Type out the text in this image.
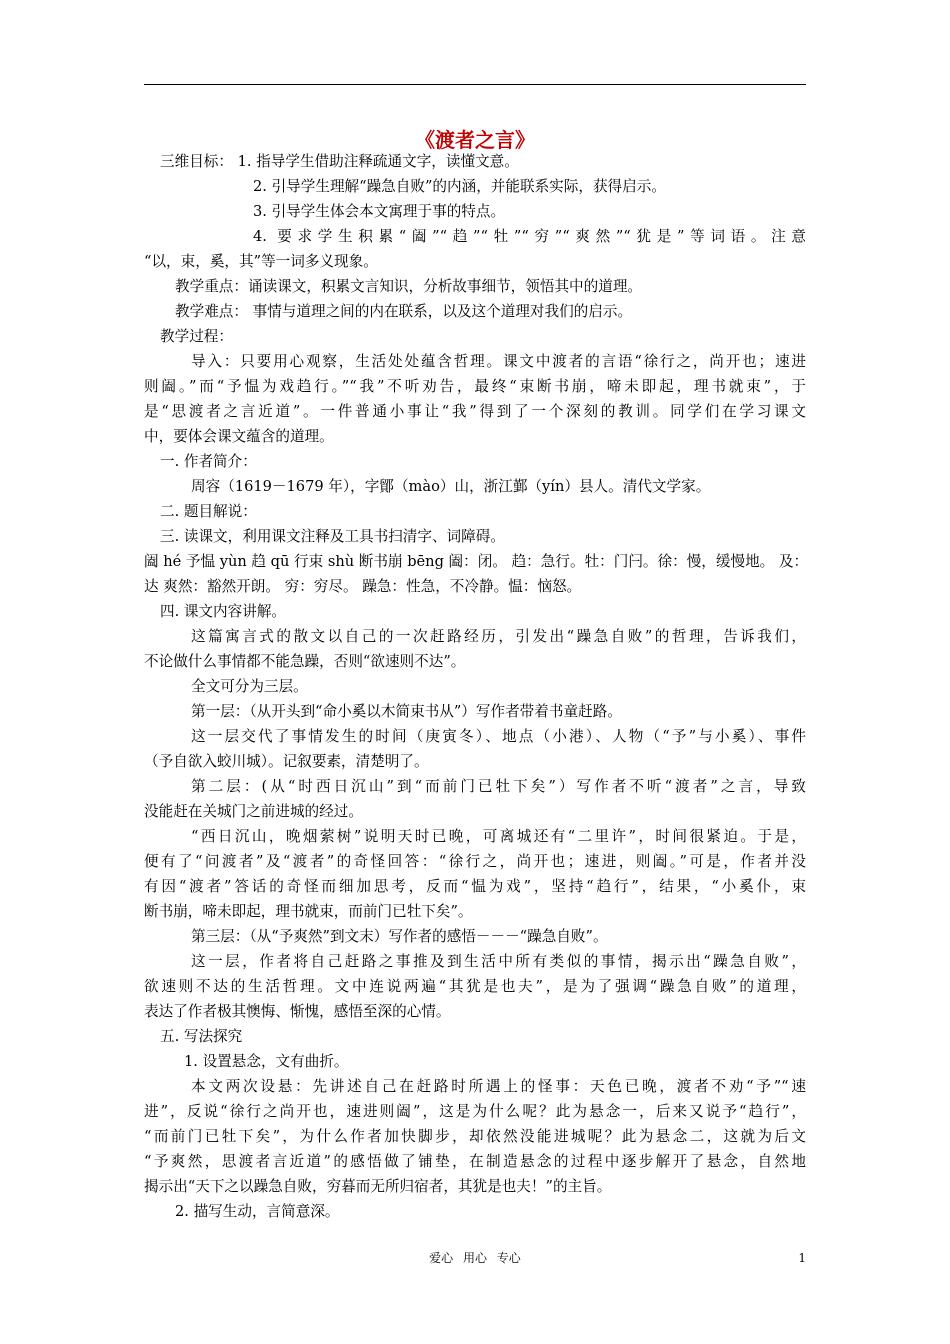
《渡者之言》
三维目标： 1. 指导学生借助注释疏通文字，读懂文意。
2. 引导学生理解“躁急自败”的内涵，并能联系实际，获得启示。
3. 引导学生体会本文寓理于事的特点。
4. 要求学生积累“阖”“趋”“牡”“穷”“爽然”“犹是”等词语。注意
“以，束，奚，其”等一词多义现象。
教学重点：诵读课文，积累文言知识，分析故事细节，领悟其中的道理。
教学难点： 事情与道理之间的内在联系，以及这个道理对我们的启示。
教学过程：
导入：只要用心观察，生活处处蕴含哲理。课文中渡者的言语“徐行之，尚开也；速进
则阖。”而“予愠为戏趋行。”“我”不听劝告，最终“束断书崩，啼未即起，理书就束”，于
是“思渡者之言近道”。一件普通小事让“我”得到了一个深刻的教训。同学们在学习课文
中，要体会课文蕴含的道理。
一. 作者简介：
周容（1619－1679 年），字鄮（mào）山，浙江鄞（yín）县人。清代文学家。
二. 题目解说：
三. 读课文，利用课文注释及工具书扫清字、词障碍。
阖 hé 予愠 yùn 趋 qū 行束 shù 断书崩 bēng 阖：闭。 趋：急行。牡：门闩。徐：慢，缓慢地。 及：
达 爽然：豁然开朗。 穷：穷尽。 躁急：性急，不冷静。愠：恼怒。
四. 课文内容讲解。
这篇寓言式的散文以自己的一次赶路经历，引发出“躁急自败”的哲理，告诉我们，
不论做什么事情都不能急躁，否则“欲速则不达”。
全文可分为三层。
第一层：（从开头到“命小奚以木简束书从”）写作者带着书童赶路。
这一层交代了事情发生的时间（庚寅冬）、地点（小港）、人物（“予”与小奚）、事件
（予自欲入蛟川城）。记叙要素，清楚明了。
第二层：(从“时西日沉山”到“而前门已牡下矣”）写作者不听“渡者”之言，导致
没能赶在关城门之前进城的经过。
“西日沉山，晚烟萦树”说明天时已晚，可离城还有“二里许”，时间很紧迫。于是，
便有了“问渡者”及“渡者”的奇怪回答：“徐行之，尚开也；速进，则阖。”可是，作者并没
有因“渡者”答话的奇怪而细加思考，反而“愠为戏”，坚持“趋行”，结果，“小奚仆，束
断书崩，啼未即起，理书就束，而前门已牡下矣”。
第三层：（从“予爽然”到文末）写作者的感悟－－－“躁急自败”。
这一层，作者将自己赶路之事推及到生活中所有类似的事情，揭示出“躁急自败”，
欲速则不达的生活哲理。文中连说两遍“其犹是也夫”，是为了强调“躁急自败”的道理，
表达了作者极其懊悔、惭愧，感悟至深的心情。
五. 写法探究
1. 设置悬念，文有曲折。
本文两次设悬：先讲述自己在赶路时所遇上的怪事：天色已晚，渡者不劝“予”“速
进”，反说“徐行之尚开也，速进则阖”，这是为什么呢？此为悬念一，后来又说予“趋行”，
“而前门已牡下矣”，为什么作者加快脚步，却依然没能进城呢？此为悬念二，这就为后文
“予爽然，思渡者言近道”的感悟做了铺垫，在制造悬念的过程中逐步解开了悬念，自然地
揭示出“天下之以躁急自败，穷暮而无所归宿者，其犹是也夫！”的主旨。
2. 描写生动，言简意深。
爱心 用心 专心	1
